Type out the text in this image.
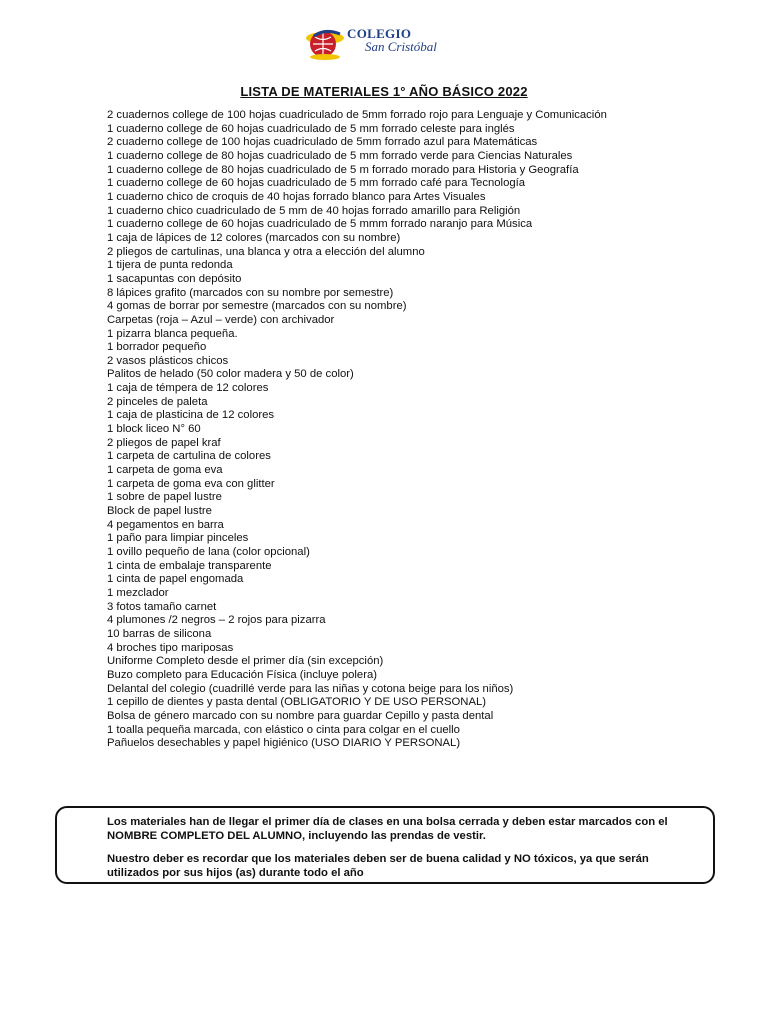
COLEGIO
San Cristóbal
LISTA DE MATERIALES 1° AÑO BÁSICO 2022
2 cuadernos college de 100 hojas cuadriculado de 5mm forrado rojo para Lenguaje y Comunicación
1 cuaderno college de 60 hojas cuadriculado de 5 mm forrado celeste para inglés
2 cuaderno college de 100 hojas cuadriculado de 5mm forrado azul para Matemáticas
1 cuaderno college de 80 hojas cuadriculado de 5 mm forrado verde para Ciencias Naturales
1 cuaderno college de 80 hojas cuadriculado de 5 m forrado morado para Historia y Geografía
1 cuaderno college de 60 hojas cuadriculado de 5 mm forrado café para Tecnología
1 cuaderno chico de croquis de 40 hojas forrado blanco para Artes Visuales
1 cuaderno chico cuadriculado de 5 mm de 40 hojas forrado amarillo para Religión
1 cuaderno college de 60 hojas cuadriculado de 5 mmm forrado naranjo para Música
1 caja de lápices de 12 colores (marcados con su nombre)
2 pliegos de cartulinas, una blanca y otra a elección del alumno
1 tijera de punta redonda
1 sacapuntas con depósito
8 lápices grafito (marcados con su nombre por semestre)
4 gomas de borrar por semestre (marcados con su nombre)
Carpetas (roja – Azul – verde) con archivador
1 pizarra blanca pequeña.
1 borrador pequeño
2 vasos plásticos chicos
Palitos de helado (50 color madera y 50 de color)
1 caja de témpera de 12 colores
2 pinceles de paleta
1 caja de plasticina de 12 colores
1 block liceo N° 60
2 pliegos de papel kraf
1 carpeta de cartulina de colores
1 carpeta de goma eva
1 carpeta de goma eva con glitter
1 sobre de papel lustre
Block de papel lustre
4 pegamentos en barra
1 paño para limpiar pinceles
1 ovillo pequeño de lana (color opcional)
1 cinta de embalaje transparente
1 cinta de papel engomada
1 mezclador
3 fotos tamaño carnet
4 plumones /2 negros – 2 rojos para pizarra
10 barras de silicona
4 broches tipo mariposas
Uniforme Completo desde el primer día (sin excepción)
Buzo completo para Educación Física (incluye polera)
Delantal del colegio (cuadrillé verde para las niñas y cotona beige para los niños)
1 cepillo de dientes y pasta dental (OBLIGATORIO Y DE USO PERSONAL)
Bolsa de género marcado con su nombre para guardar Cepillo y pasta dental
1 toalla pequeña marcada, con elástico o cinta para colgar en el cuello
Pañuelos desechables y papel higiénico (USO DIARIO Y PERSONAL)

Los materiales han de llegar el primer día de clases en una bolsa cerrada y deben estar marcados con el NOMBRE COMPLETO DEL ALUMNO, incluyendo las prendas de vestir.

Nuestro deber es recordar que los materiales deben ser de buena calidad y NO tóxicos, ya que serán utilizados por sus hijos (as) durante todo el año
